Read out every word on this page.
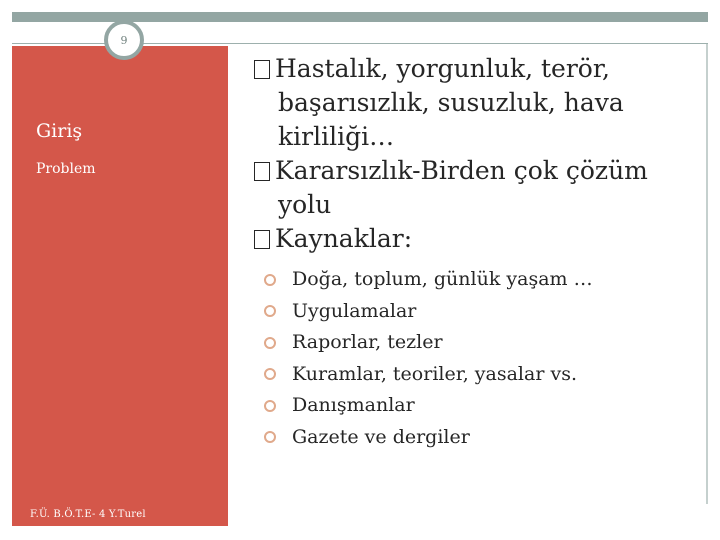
9
Giriş
Problem
F.Ü. B.Ö.T.E- 4 Y.Turel

Hastalık, yorgunluk, terör, başarısızlık, susuzluk, hava kirliliği…

Kararsızlık-Birden çok çözüm yolu

Kaynaklar:

Doğa, toplum, günlük yaşam …
Uygulamalar
Raporlar, tezler
Kuramlar, teoriler, yasalar vs.
Danışmanlar
Gazete ve dergiler
